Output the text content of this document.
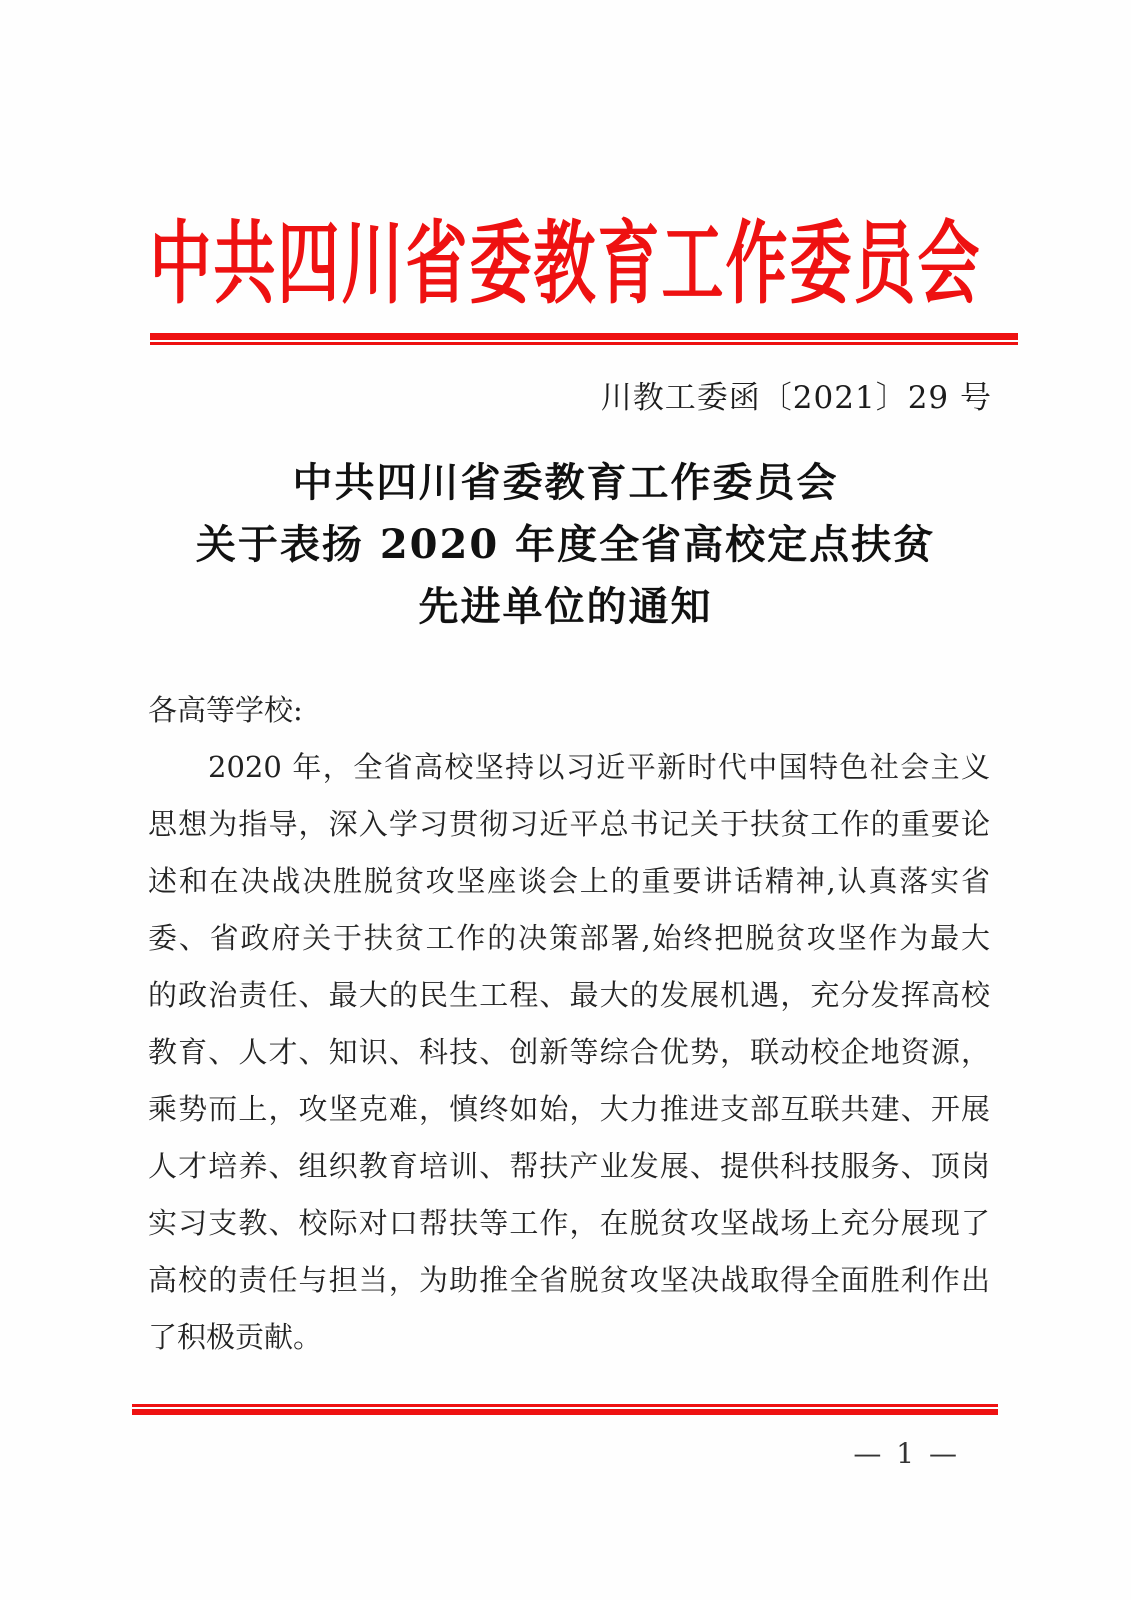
中共四川省委教育工作委员会
川教工委函〔2021〕29 号
中共四川省委教育工作委员会
关于表扬 2020 年度全省高校定点扶贫
先进单位的通知
各高等学校:
2020 年，全省高校坚持以习近平新时代中国特色社会主义
思想为指导，深入学习贯彻习近平总书记关于扶贫工作的重要论
述和在决战决胜脱贫攻坚座谈会上的重要讲话精神,认真落实省
委、省政府关于扶贫工作的决策部署,始终把脱贫攻坚作为最大
的政治责任、最大的民生工程、最大的发展机遇，充分发挥高校
教育、人才、知识、科技、创新等综合优势，联动校企地资源，
乘势而上，攻坚克难，慎终如始，大力推进支部互联共建、开展
人才培养、组织教育培训、帮扶产业发展、提供科技服务、顶岗
实习支教、校际对口帮扶等工作，在脱贫攻坚战场上充分展现了
高校的责任与担当，为助推全省脱贫攻坚决战取得全面胜利作出
了积极贡献。
— 1 —
